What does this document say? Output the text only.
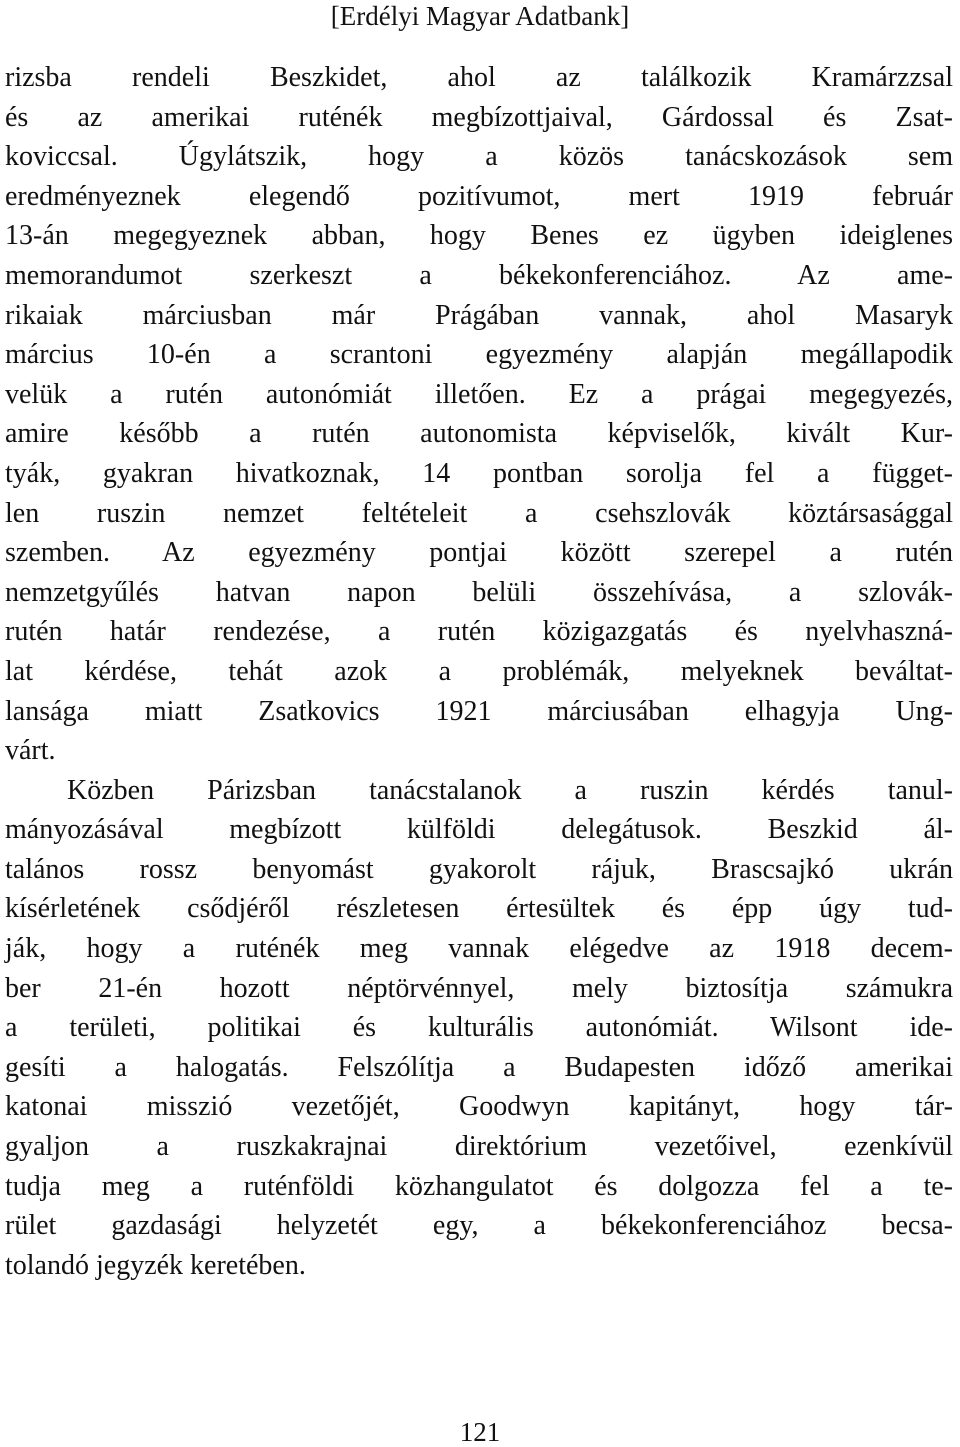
[Erdélyi Magyar Adatbank]
rizsba rendeli Beszkidet, ahol az találkozik Kramárzzsal
és az amerikai ruténék megbízottjaival, Gárdossal és Zsat-
koviccsal. Úgylátszik, hogy a közös tanácskozások sem
eredményeznek elegendő pozitívumot, mert 1919 február
13-án megegyeznek abban, hogy Benes ez ügyben ideiglenes
memorandumot szerkeszt a békekonferenciához. Az ame-
rikaiak márciusban már Prágában vannak, ahol Masaryk
március 10-én a scrantoni egyezmény alapján megállapodik
velük a rutén autonómiát illetően. Ez a prágai megegyezés,
amire később a rutén autonomista képviselők, kivált Kur-
tyák, gyakran hivatkoznak, 14 pontban sorolja fel a függet-
len ruszin nemzet feltételeit a csehszlovák köztársasággal
szemben. Az egyezmény pontjai között szerepel a rutén
nemzetgyűlés hatvan napon belüli összehívása, a szlovák-
rutén határ rendezése, a rutén közigazgatás és nyelvhaszná-
lat kérdése, tehát azok a problémák, melyeknek beváltat-
lansága miatt Zsatkovics 1921 márciusában elhagyja Ung-
várt.
Közben Párizsban tanácstalanok a ruszin kérdés tanul-
mányozásával megbízott külföldi delegátusok. Beszkid ál-
talános rossz benyomást gyakorolt rájuk, Brascsajkó ukrán
kísérletének csődjéről részletesen értesültek és épp úgy tud-
ják, hogy a ruténék meg vannak elégedve az 1918 decem-
ber 21-én hozott néptörvénnyel, mely biztosítja számukra
a területi, politikai és kulturális autonómiát. Wilsont ide-
gesíti a halogatás. Felszólítja a Budapesten időző amerikai
katonai misszió vezetőjét, Goodwyn kapitányt, hogy tár-
gyaljon a ruszkakrajnai direktórium vezetőivel, ezenkívül
tudja meg a ruténföldi közhangulatot és dolgozza fel a te-
rület gazdasági helyzetét egy, a békekonferenciához becsa-
tolandó jegyzék keretében.
121
